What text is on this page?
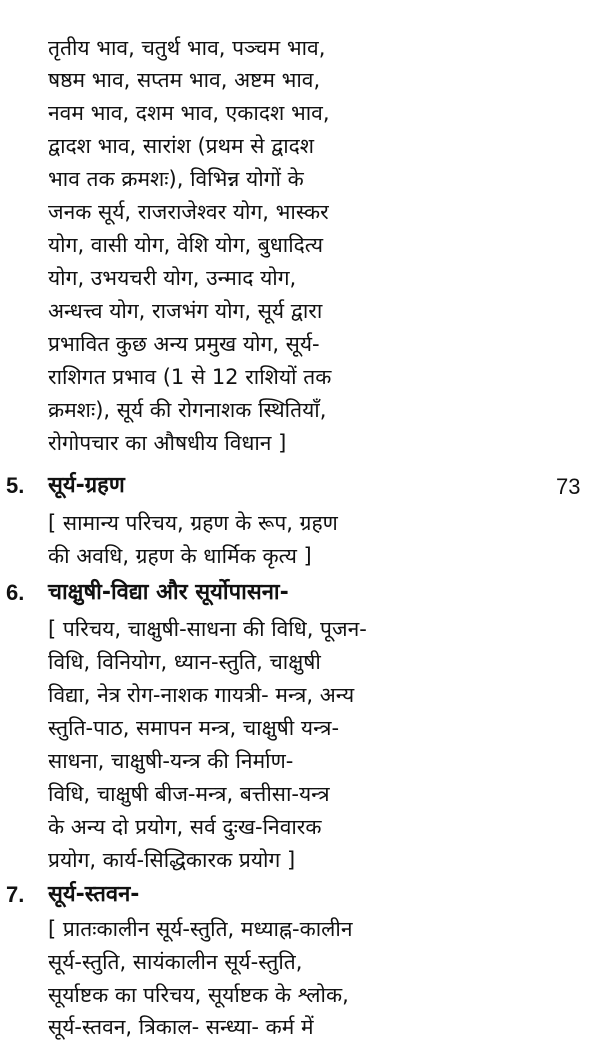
तृतीय भाव, चतुर्थ भाव, पञ्चम भाव,
षष्ठम भाव, सप्तम भाव, अष्टम भाव,
नवम भाव, दशम भाव, एकादश भाव,
द्वादश भाव, सारांश (प्रथम से द्वादश
भाव तक क्रमशः), विभिन्न योगों के
जनक सूर्य, राजराजेश्वर योग, भास्कर
योग, वासी योग, वेशि योग, बुधादित्य
योग, उभयचरी योग, उन्माद योग,
अन्धत्त्व योग, राजभंग योग, सूर्य द्वारा
प्रभावित कुछ अन्य प्रमुख योग, सूर्य-
राशिगत प्रभाव (1 से 12 राशियों तक
क्रमशः), सूर्य की रोगनाशक स्थितियाँ,
रोगोपचार का औषधीय विधान ]
5. सूर्य-ग्रहण	73
[ सामान्य परिचय, ग्रहण के रूप, ग्रहण
की अवधि, ग्रहण के धार्मिक कृत्य ]
6. चाक्षुषी-विद्या और सूर्योपासना-
[ परिचय, चाक्षुषी-साधना की विधि, पूजन-
विधि, विनियोग, ध्यान-स्तुति, चाक्षुषी
विद्या, नेत्र रोग-नाशक गायत्री- मन्त्र, अन्य
स्तुति-पाठ, समापन मन्त्र, चाक्षुषी यन्त्र-
साधना, चाक्षुषी-यन्त्र की निर्माण-
विधि, चाक्षुषी बीज-मन्त्र, बत्तीसा-यन्त्र
के अन्य दो प्रयोग, सर्व दुःख-निवारक
प्रयोग, कार्य-सिद्धिकारक प्रयोग ]
7. सूर्य-स्तवन-
[ प्रातःकालीन सूर्य-स्तुति, मध्याह्न-कालीन
सूर्य-स्तुति, सायंकालीन सूर्य-स्तुति,
सूर्याष्टक का परिचय, सूर्याष्टक के श्लोक,
सूर्य-स्तवन, त्रिकाल- सन्ध्या- कर्म में
